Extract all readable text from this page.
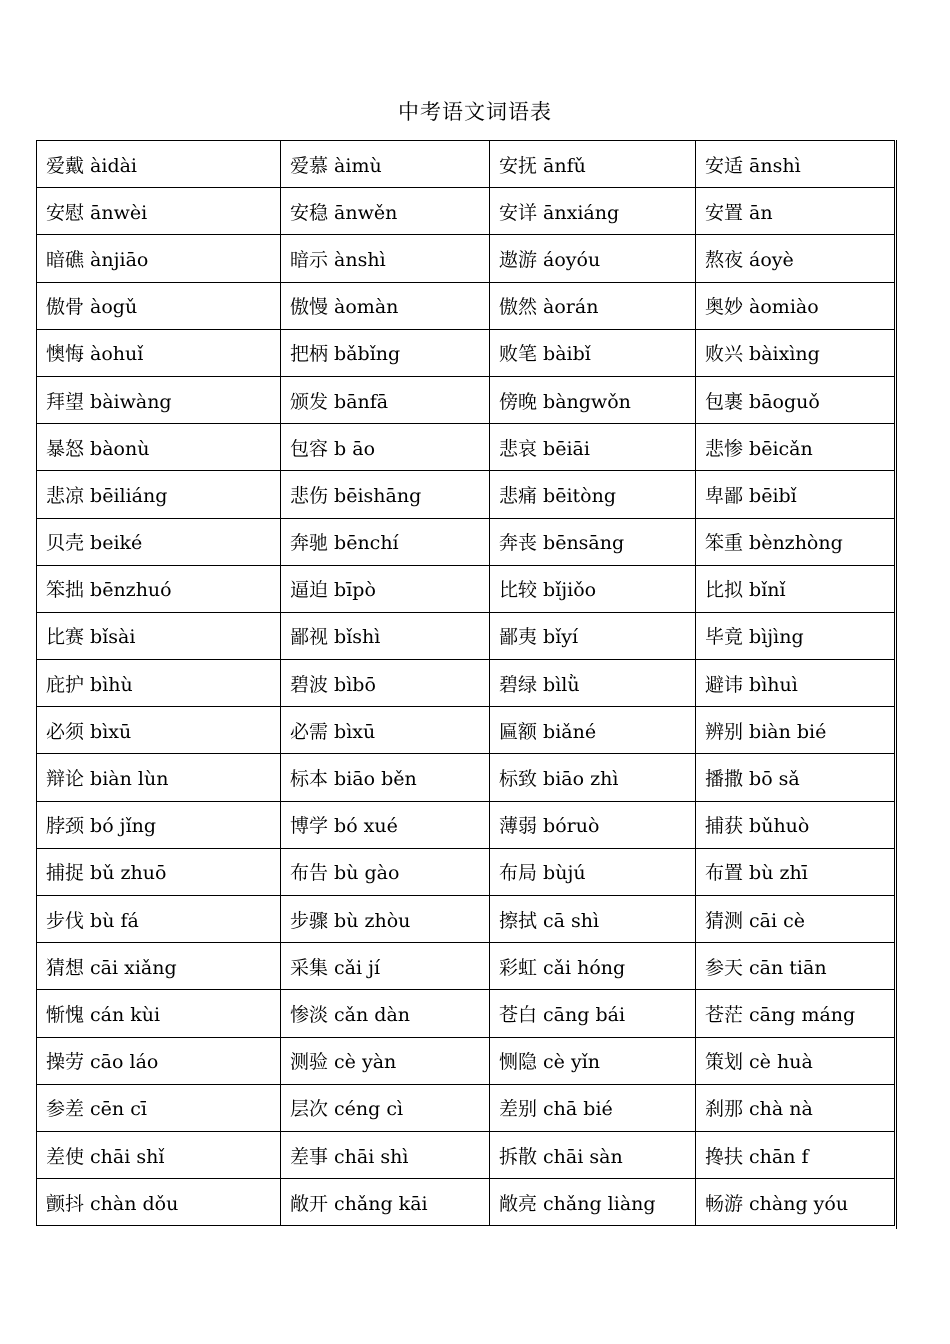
中考语文词语表
爱戴 àidài	爱慕 àimù	安抚 ānfǔ	安适 ānshì
安慰 ānwèi	安稳 ānwěn	安详 ānxiáng	安置 ān
暗礁 ànjiāo	暗示 ànshì	遨游 áoyóu	熬夜 áoyè
傲骨 àogǔ	傲慢 àomàn	傲然 àorán	奥妙 àomiào
懊悔 àohuǐ	把柄 bǎbǐng	败笔 bàibǐ	败兴 bàixìng
拜望 bàiwàng	颁发 bānfā	傍晚 bàngwǒn	包裹 bāoguǒ
暴怒 bàonù	包容 b āo	悲哀 bēiāi	悲惨 bēicǎn
悲凉 bēiliáng	悲伤 bēishāng	悲痛 bēitòng	卑鄙 bēibǐ
贝壳 beiké	奔驰 bēnchí	奔丧 bēnsāng	笨重 bènzhòng
笨拙 bēnzhuó	逼迫 bīpò	比较 bǐjiǒo	比拟 bǐnǐ
比赛 bǐsài	鄙视 bǐshì	鄙夷 bǐyí	毕竟 bìjìng
庇护 bìhù	碧波 bìbō	碧绿 bìlǜ	避讳 bìhuì
必须 bìxū	必需 bìxū	匾额 biǎné	辨别 biàn bié
辩论 biàn lùn	标本 biāo běn	标致 biāo zhì	播撒 bō sǎ
脖颈 bó jǐng	博学 bó xué	薄弱 bóruò	捕获 bǔhuò
捕捉 bǔ zhuō	布告 bù gào	布局 bùjú	布置 bù zhī
步伐 bù fá	步骤 bù zhòu	擦拭 cā shì	猜测 cāi cè
猜想 cāi xiǎng	采集 cǎi jí	彩虹 cǎi hóng	参天 cān tiān
惭愧 cán kùi	惨淡 cǎn dàn	苍白 cāng bái	苍茫 cāng máng
操劳 cāo láo	测验 cè yàn	恻隐 cè yǐn	策划 cè huà
参差 cēn cī	层次 céng cì	差别 chā bié	刹那 chà nà
差使 chāi shǐ	差事 chāi shì	拆散 chāi sàn	搀扶 chān f
颤抖 chàn dǒu	敞开 chǎng kāi	敞亮 chǎng liàng	畅游 chàng yóu
